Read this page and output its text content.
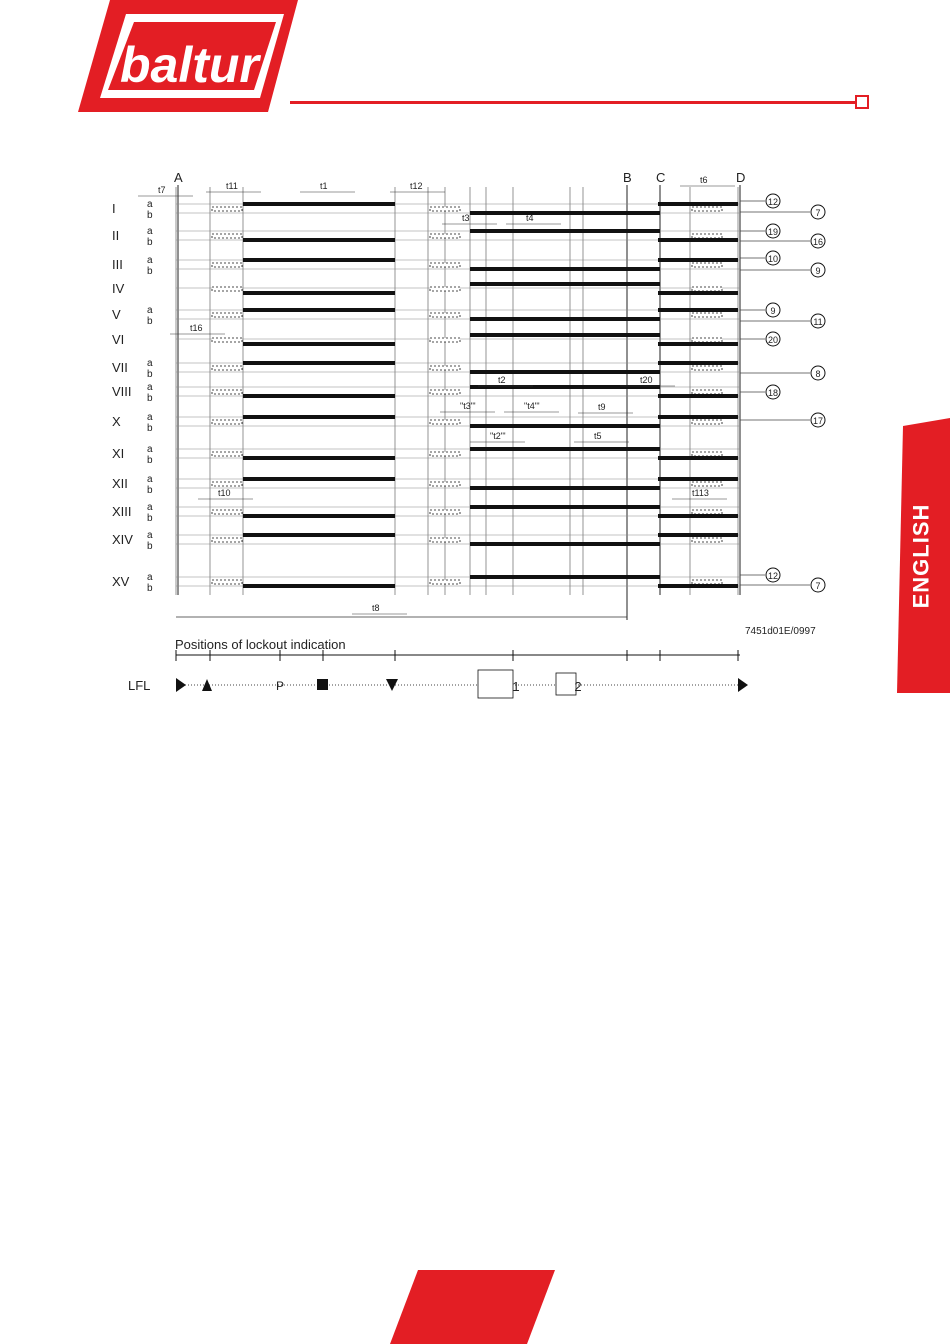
baltur
ENGLISH
A	B C	D
I	a
b
II	a
b
III a
b
IV
V	a
b
VI
VII a
b
VIII a
b
X	a
b
XI a
b
XII a
b
XIII a
b
XIV a
b
XV a
b
12
7
19
16
10
9
9
11
20
8
18
17
12
7
t7	t11	t1	t12
t6
t3	t4
t16
t20
t2
"t3'"	"t4'"	t9
"t2'"	t5
t10	t113
t8
7451d01E/0997
Positions of lockout indication
LFL	P	1	2
